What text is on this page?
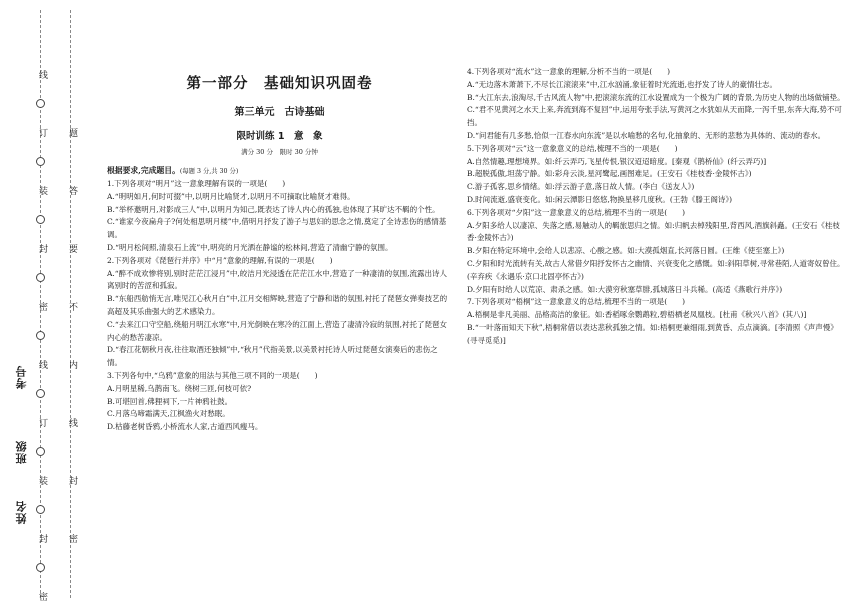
线
订
装
封
密
线
订
装
封
密
题
答
要
不
内
线
封
密
姓名
班级
考号
第一部分　基础知识巩固卷
第三单元　古诗基础
限时训练 1　意　象
满分 30 分　限时 30 分钟
根据要求,完成题目。(每题 3 分,共 30 分)

1.下列各项对“明月”这一意象理解有误的一项是(　　)

A.“明明如月,何时可掇”中,以明月比喻贤才,以明月不可摘取比喻贤才难得。

B.“举杯邀明月,对影成三人”中,以明月为知己,既表达了诗人内心的孤独,也体现了其旷达不羁的个性。

C.“谁家今夜扁舟子?何处相思明月楼”中,借明月抒发了游子与思妇的思念之情,奠定了全诗悲伤的感情基调。

D.“明月松间照,清泉石上流”中,明亮的月光洒在静谧的松林间,营造了清幽宁静的氛围。

2.下列各项对《琵琶行并序》中“月”意象的理解,有误的一项是(　　)

A.“醉不成欢惨将别,别时茫茫江浸月”中,皎洁月光浸透在茫茫江水中,营造了一种凄清的氛围,流露出诗人离别时的苦涩和孤寂。

B.“东船西舫悄无言,唯见江心秋月白”中,江月交相辉映,营造了宁静和谐的氛围,衬托了琵琶女弹奏技艺的高超及其乐曲强大的艺术感染力。

C.“去来江口守空船,绕船月明江水寒”中,月光倒映在寒冷的江面上,营造了凄清冷寂的氛围,衬托了琵琶女内心的愁苦凄凉。

D.“春江花朝秋月夜,往往取酒还独倾”中,“秋月”代指美景,以美景衬托诗人听过琵琶女演奏后的悲伤之情。

3.下列各句中,“乌鸦”意象的用法与其他三项不同的一项是(　　)

A.月明星稀,乌鹊南飞。绕树三匝,何枝可依?

B.可堪回首,佛狸祠下,一片神鸦社鼓。

C.月落乌啼霜满天,江枫渔火对愁眠。

D.枯藤老树昏鸦,小桥流水人家,古道西风瘦马。

4.下列各项对“流水”这一意象的理解,分析不当的一项是(　　)

A.“无边落木萧萧下,不尽长江滚滚来”中,江水汹涌,象征着时光流逝,也抒发了诗人的豪情壮志。

B.“大江东去,浪淘尽,千古风流人物”中,把滚滚东流的江水设置成为一个极为广阔的背景,为历史人物的出场做铺垫。

C.“君不见黄河之水天上来,奔流到海不复回”中,运用夸张手法,写黄河之水犹如从天而降,一泻千里,东奔大海,势不可挡。

D.“问君能有几多愁,恰似一江春水向东流”是以水喻愁的名句,化抽象的、无形的悲愁为具体的、流动的春水。

5.下列各项对“云”这一意象意义的总结,梳理不当的一项是(　　)

A.自然情趣,理想境界。如:纤云弄巧,飞星传恨,银汉迢迢暗度。[秦观《鹊桥仙》(纤云弄巧)]

B.超脱孤傲,坦荡宁静。如:彩舟云淡,星河鹭起,画图难足。(王安石《桂枝香·金陵怀古》)

C.游子孤客,思乡情绪。如:浮云游子意,落日故人情。(李白《送友人》)

D.时间流逝,盛衰变化。如:闲云潭影日悠悠,物换星移几度秋。(王勃《滕王阁诗》)

6.下列各项对“夕阳”这一意象意义的总结,梳理不当的一项是(　　)

A.夕阳多给人以凄凉、失落之感,易触动人的羁旅思归之情。如:归帆去棹残阳里,背西风,酒旗斜矗。(王安石《桂枝香·金陵怀古》)

B.夕阳在特定环境中,会给人以悲凉、心酸之感。如:大漠孤烟直,长河落日圆。(王维《使至塞上》)

C.夕阳和时光流转有关,故古人常借夕阳抒发怀古之幽情、兴衰变化之感慨。如:斜阳草树,寻常巷陌,人道寄奴曾住。(辛弃疾《永遇乐·京口北固亭怀古》)

D.夕阳有时给人以荒凉、肃杀之感。如:大漠穷秋塞草腓,孤城落日斗兵稀。(高适《燕歌行并序》)

7.下列各项对“梧桐”这一意象意义的总结,梳理不当的一项是(　　)

A.梧桐是非凡美丽、品格高洁的象征。如:香稻啄余鹦鹉粒,碧梧栖老凤凰枝。[杜甫《秋兴八首》(其八)]

B.“一叶落而知天下秋”,梧桐常借以表达悲秋孤独之情。如:梧桐更兼细雨,到黄昏、点点滴滴。[李清照《声声慢》(寻寻觅觅)]
